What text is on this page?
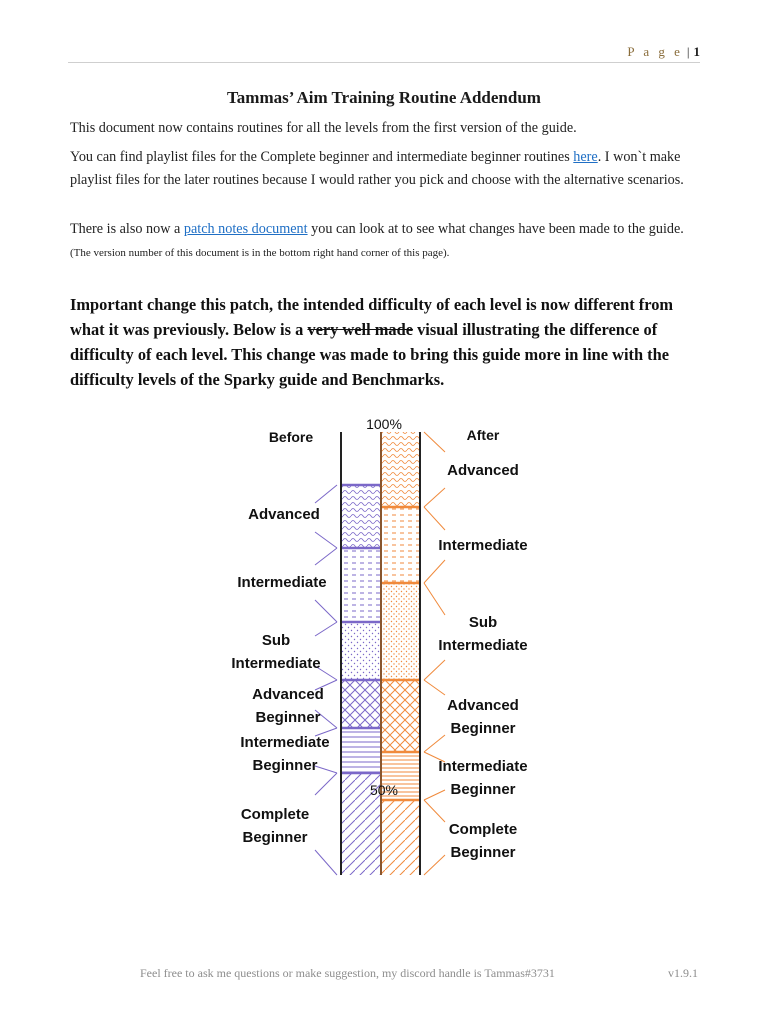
P a g e | 1
Tammas’ Aim Training Routine Addendum
This document now contains routines for all the levels from the first version of the guide.
You can find playlist files for the Complete beginner and intermediate beginner routines here. I won`t make playlist files for the later routines because I would rather you pick and choose with the alternative scenarios.
There is also now a patch notes document you can look at to see what changes have been made to the guide. (The version number of this document is in the bottom right hand corner of this page).
Important change this patch, the intended difficulty of each level is now different from what it was previously. Below is a very well made visual illustrating the difference of difficulty of each level. This change was made to bring this guide more in line with the difficulty levels of the Sparky guide and Benchmarks.
Before	After
100%
50%
Advanced
Intermediate
Sub Intermediate
Advanced Beginner
Intermediate Beginner
Complete Beginner
Advanced
Intermediate
Sub Intermediate
Advanced Beginner
Intermediate Beginner
Complete Beginner
Feel free to ask me questions or make suggestion, my discord handle is Tammas#3731	v1.9.1
